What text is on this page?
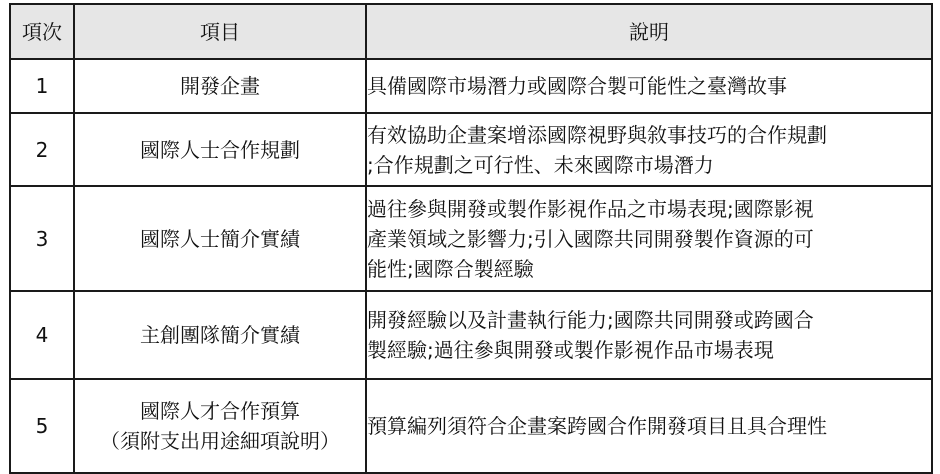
項次	項目	說明
1	開發企畫	具備國際市場潛力或國際合製可能性之臺灣故事

2	國際人士合作規劃	有效協助企畫案增添國際視野與敘事技巧的合作規劃
;合作規劃之可行性、未來國際市場潛力

3	國際人士簡介實績	過往參與開發或製作影視作品之市場表現;國際影視
產業領域之影響力;引入國際共同開發製作資源的可
能性;國際合製經驗

4	主創團隊簡介實績	開發經驗以及計畫執行能力;國際共同開發或跨國合
製經驗;過往參與開發或製作影視作品市場表現

5	國際人才合作預算
（須附支出用途細項說明）	預算編列須符合企畫案跨國合作開發項目且具合理性
